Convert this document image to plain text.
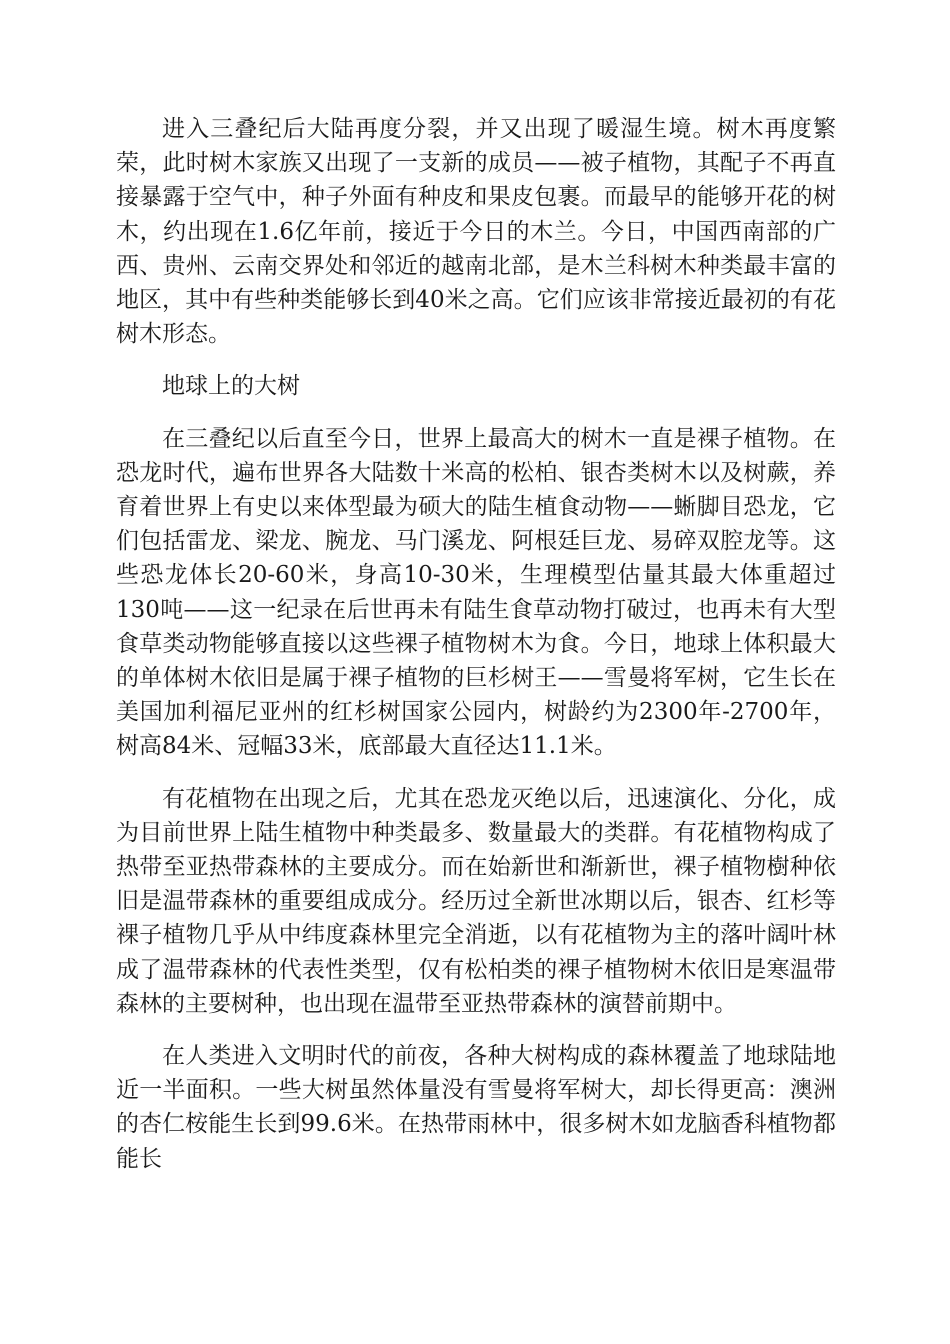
进入三叠纪后大陆再度分裂，并又出现了暖湿生境。树木再度繁荣，此时树木家族又出现了一支新的成员——被子植物，其配子不再直接暴露于空气中，种子外面有种皮和果皮包裹。而最早的能够开花的树木，约出现在1.6亿年前，接近于今日的木兰。今日，中国西南部的广西、贵州、云南交界处和邻近的越南北部，是木兰科树木种类最丰富的地区，其中有些种类能够长到40米之高。它们应该非常接近最初的有花树木形态。

地球上的大树

在三叠纪以后直至今日，世界上最高大的树木一直是裸子植物。在恐龙时代，遍布世界各大陆数十米高的松柏、银杏类树木以及树蕨，养育着世界上有史以来体型最为硕大的陆生植食动物——蜥脚目恐龙，它们包括雷龙、梁龙、腕龙、马门溪龙、阿根廷巨龙、易碎双腔龙等。这些恐龙体长20-60米，身高10-30米，生理模型估量其最大体重超过130吨——这一纪录在后世再未有陆生食草动物打破过，也再未有大型食草类动物能够直接以这些裸子植物树木为食。今日，地球上体积最大的单体树木依旧是属于裸子植物的巨杉树王——雪曼将军树，它生长在美国加利福尼亚州的红杉树国家公园内，树龄约为2300年-2700年，树高84米、冠幅33米，底部最大直径达11.1米。

有花植物在出现之后，尤其在恐龙灭绝以后，迅速演化、分化，成为目前世界上陆生植物中种类最多、数量最大的类群。有花植物构成了热带至亚热带森林的主要成分。而在始新世和渐新世，裸子植物樹种依旧是温带森林的重要组成成分。经历过全新世冰期以后，银杏、红杉等裸子植物几乎从中纬度森林里完全消逝，以有花植物为主的落叶阔叶林成了温带森林的代表性类型，仅有松柏类的裸子植物树木依旧是寒温带森林的主要树种，也出现在温带至亚热带森林的演替前期中。

在人类进入文明时代的前夜，各种大树构成的森林覆盖了地球陆地近一半面积。一些大树虽然体量没有雪曼将军树大，却长得更高：澳洲的杏仁桉能生长到99.6米。在热带雨林中，很多树木如龙脑香科植物都能长
